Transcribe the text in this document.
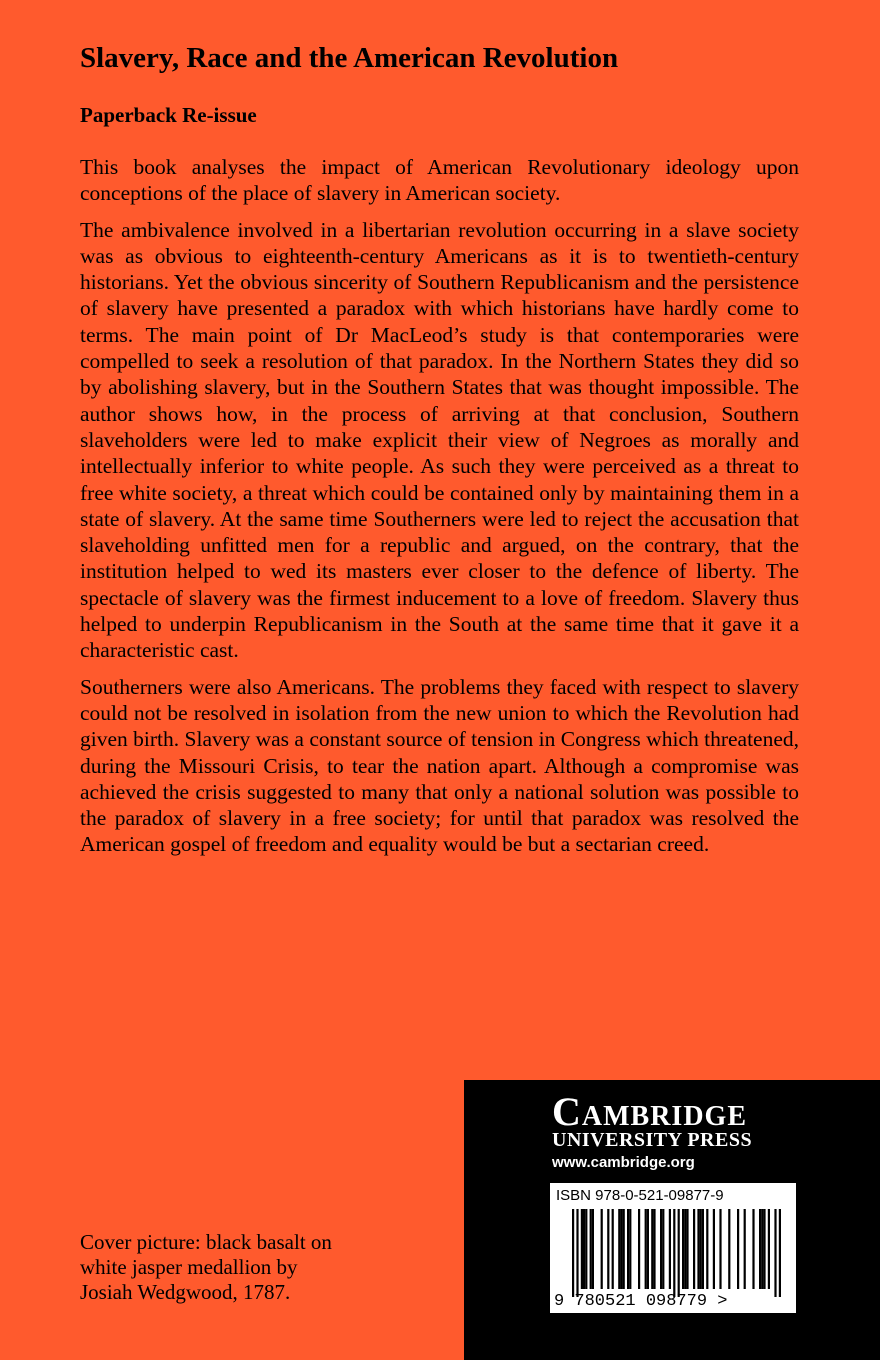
Slavery, Race and the American Revolution
Paperback Re-issue

This book analyses the impact of American Revolutionary ideology upon conceptions of the place of slavery in American society.

The ambivalence involved in a libertarian revolution occurring in a slave society was as obvious to eighteenth-century Americans as it is to twentieth-century historians. Yet the obvious sincerity of Southern Republicanism and the persistence of slavery have presented a paradox with which historians have hardly come to terms. The main point of Dr MacLeod’s study is that contemporaries were compelled to seek a resolution of that paradox. In the Northern States they did so by abolishing slavery, but in the Southern States that was thought impossible. The author shows how, in the process of arriving at that conclusion, Southern slaveholders were led to make explicit their view of Negroes as morally and intellectually inferior to white people. As such they were perceived as a threat to free white society, a threat which could be contained only by maintaining them in a state of slavery. At the same time Southerners were led to reject the accusation that slaveholding unfitted men for a republic and argued, on the contrary, that the institution helped to wed its masters ever closer to the defence of liberty. The spectacle of slavery was the firmest inducement to a love of freedom. Slavery thus helped to underpin Republicanism in the South at the same time that it gave it a characteristic cast.

Southerners were also Americans. The problems they faced with respect to slavery could not be resolved in isolation from the new union to which the Revolution had given birth. Slavery was a constant source of tension in Congress which threatened, during the Missouri Crisis, to tear the nation apart. Although a compromise was achieved the crisis suggested to many that only a national solution was possible to the paradox of slavery in a free society; for until that paradox was resolved the American gospel of freedom and equality would be but a sectarian creed.

Cover picture: black basalt on
white jasper medallion by
Josiah Wedgwood, 1787.
Cambridge
UNIVERSITY PRESS
www.cambridge.org
ISBN 978-0-521-09877-9
9 780521 098779 >
